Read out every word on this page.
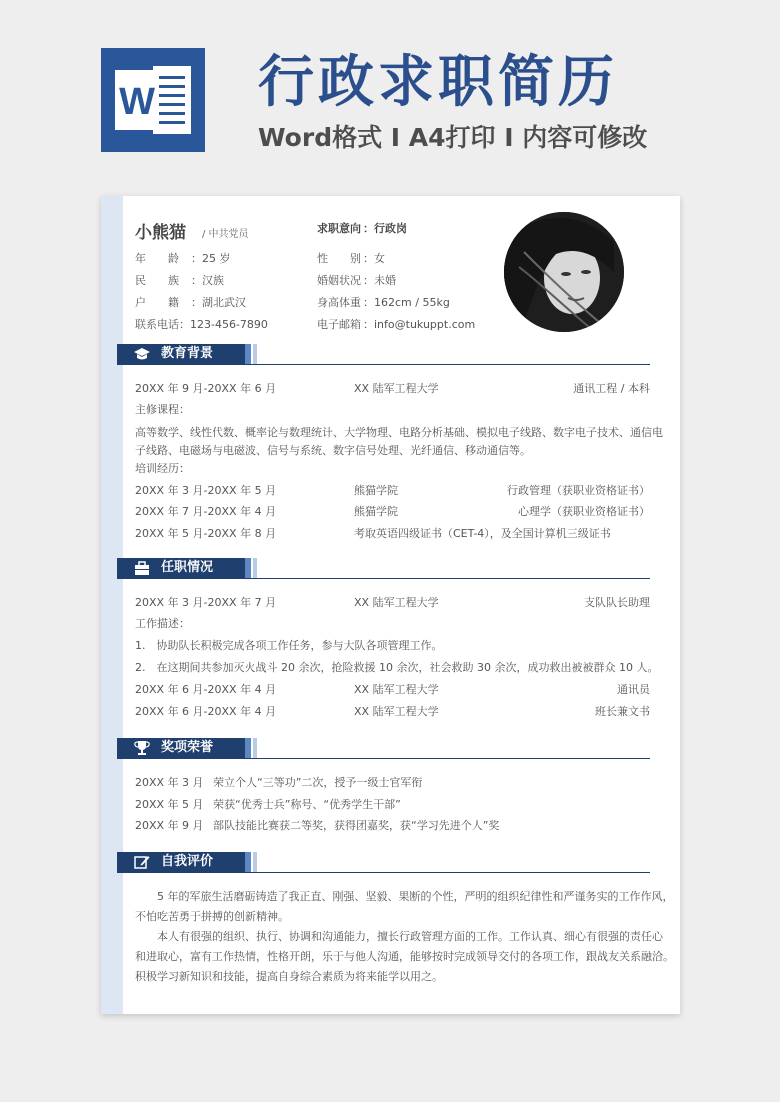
W 行政求职简历
Word格式 I A4打印 I 内容可修改
小熊猫 / 中共党员
年　　龄 ：25 岁
民　　族 ：汉族
户　　籍 ：湖北武汉
联系电话 ：123-456-7890
求职意向 ：行政岗
性　　别 ：女
婚姻状况 ：未婚
身高体重 ：162cm / 55kg
电子邮箱 ：info@tukuppt.com
教育背景
20XX 年 9 月-20XX 年 6 月	XX 陆军工程大学	通讯工程 / 本科
主修课程：
高等数学、线性代数、概率论与数理统计、大学物理、电路分析基础、模拟电子线路、数字电子技术、通信电
子线路、电磁场与电磁波、信号与系统、数字信号处理、光纤通信、移动通信等。
培训经历：
20XX 年 3 月-20XX 年 5 月	熊猫学院	行政管理（获职业资格证书）
20XX 年 7 月-20XX 年 4 月	熊猫学院	心理学（获职业资格证书）
20XX 年 5 月-20XX 年 8 月	考取英语四级证书（CET-4），及全国计算机三级证书
任职情况
20XX 年 3 月-20XX 年 7 月	XX 陆军工程大学	支队队长助理
工作描述：
1.　协助队长积极完成各项工作任务，参与大队各项管理工作。
2.　在这期间共参加灭火战斗 20 余次，抢险救援 10 余次，社会救助 30 余次，成功救出被被群众 10 人。
20XX 年 6 月-20XX 年 4 月	XX 陆军工程大学	通讯员
20XX 年 6 月-20XX 年 4 月	XX 陆军工程大学	班长兼文书
奖项荣誉
20XX 年 3 月 荣立个人“三等功”二次，授予一级士官军衔
20XX 年 5 月 荣获“优秀士兵”称号、“优秀学生干部”
20XX 年 9 月 部队技能比赛获二等奖，获得团嘉奖，获“学习先进个人”奖
自我评价
5 年的军旅生活磨砺铸造了我正直、刚强、坚毅、果断的个性，严明的组织纪律性和严谨务实的工作作风，
不怕吃苦勇于拼搏的创新精神。
本人有很强的组织、执行、协调和沟通能力，擅长行政管理方面的工作。工作认真、细心有很强的责任心
和进取心，富有工作热情，性格开朗，乐于与他人沟通，能够按时完成领导交付的各项工作，跟战友关系融洽。
积极学习新知识和技能，提高自身综合素质为将来能学以用之。
